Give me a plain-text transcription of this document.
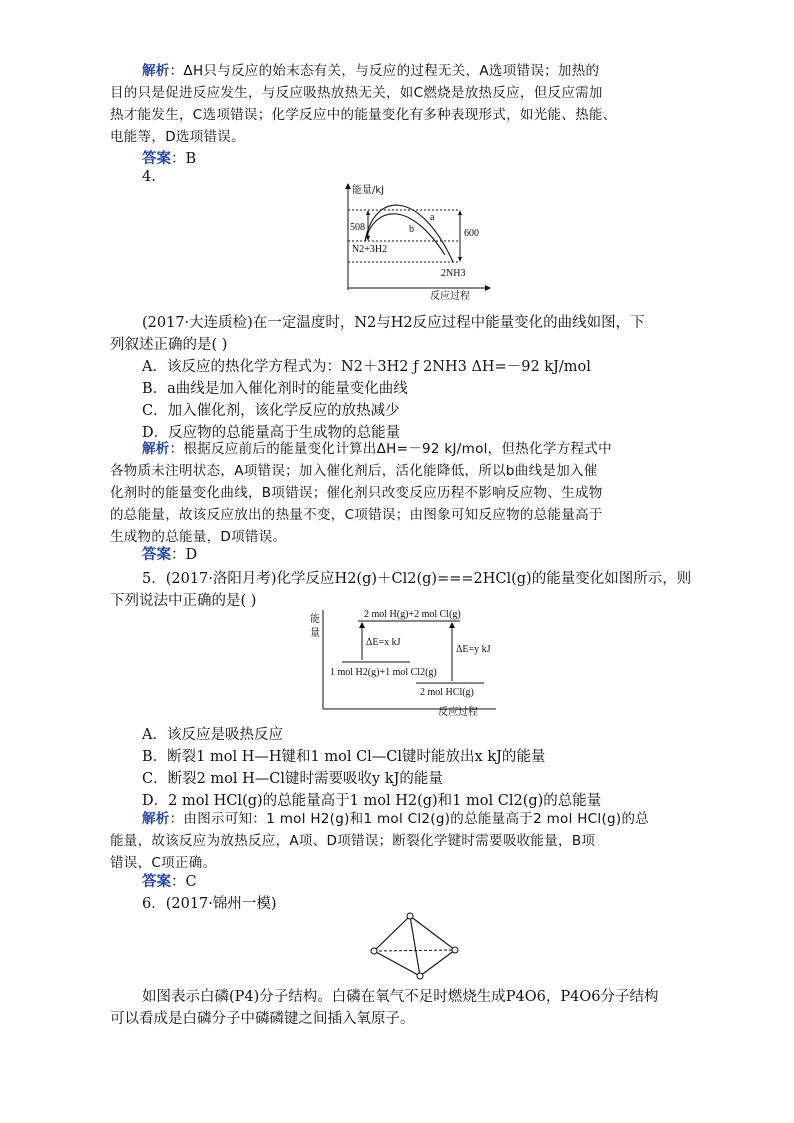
解析：ΔH只与反应的始末态有关，与反应的过程无关，A选项错误；加热的
目的只是促进反应发生，与反应吸热放热无关，如C燃烧是放热反应，但反应需加
热才能发生，C选项错误；化学反应中的能量变化有多种表现形式，如光能、热能、
电能等，D选项错误。
答案：B
4.
能量/kJ
反应过程
508
600
a
b
N2+3H2
2NH3
(2017·大连质检)在一定温度时，N2与H2反应过程中能量变化的曲线如图，下
列叙述正确的是( )
A．该反应的热化学方程式为：N2＋3H2 ƒ 2NH3 ΔH=－92 kJ/mol
B．a曲线是加入催化剂时的能量变化曲线
C．加入催化剂，该化学反应的放热减少
D．反应物的总能量高于生成物的总能量
解析：根据反应前后的能量变化计算出ΔH=－92 kJ/mol，但热化学方程式中
各物质未注明状态，A项错误；加入催化剂后，活化能降低，所以b曲线是加入催
化剂时的能量变化曲线，B项错误；催化剂只改变反应历程不影响反应物、生成物
的总能量，故该反应放出的热量不变，C项错误；由图象可知反应物的总能量高于
生成物的总能量，D项错误。
答案：D
5．(2017·洛阳月考)化学反应H2(g)＋Cl2(g)===2HCl(g)的能量变化如图所示，则
下列说法中正确的是( )
能
量
反应过程
2 mol H(g)+2 mol Cl(g)
1 mol H2(g)+1 mol Cl2(g)
2 mol HCl(g)
ΔE=x kJ
ΔE=y kJ
A．该反应是吸热反应
B．断裂1 mol H—H键和1 mol Cl—Cl键时能放出x kJ的能量
C．断裂2 mol H—Cl键时需要吸收y kJ的能量
D．2 mol HCl(g)的总能量高于1 mol H2(g)和1 mol Cl2(g)的总能量
解析：由图示可知：1 mol H2(g)和1 mol Cl2(g)的总能量高于2 mol HCl(g)的总
能量，故该反应为放热反应，A项、D项错误；断裂化学键时需要吸收能量，B项
错误，C项正确。
答案：C
6．(2017·锦州一模)
如图表示白磷(P4)分子结构。白磷在氧气不足时燃烧生成P4O6，P4O6分子结构
可以看成是白磷分子中磷磷键之间插入氧原子。
